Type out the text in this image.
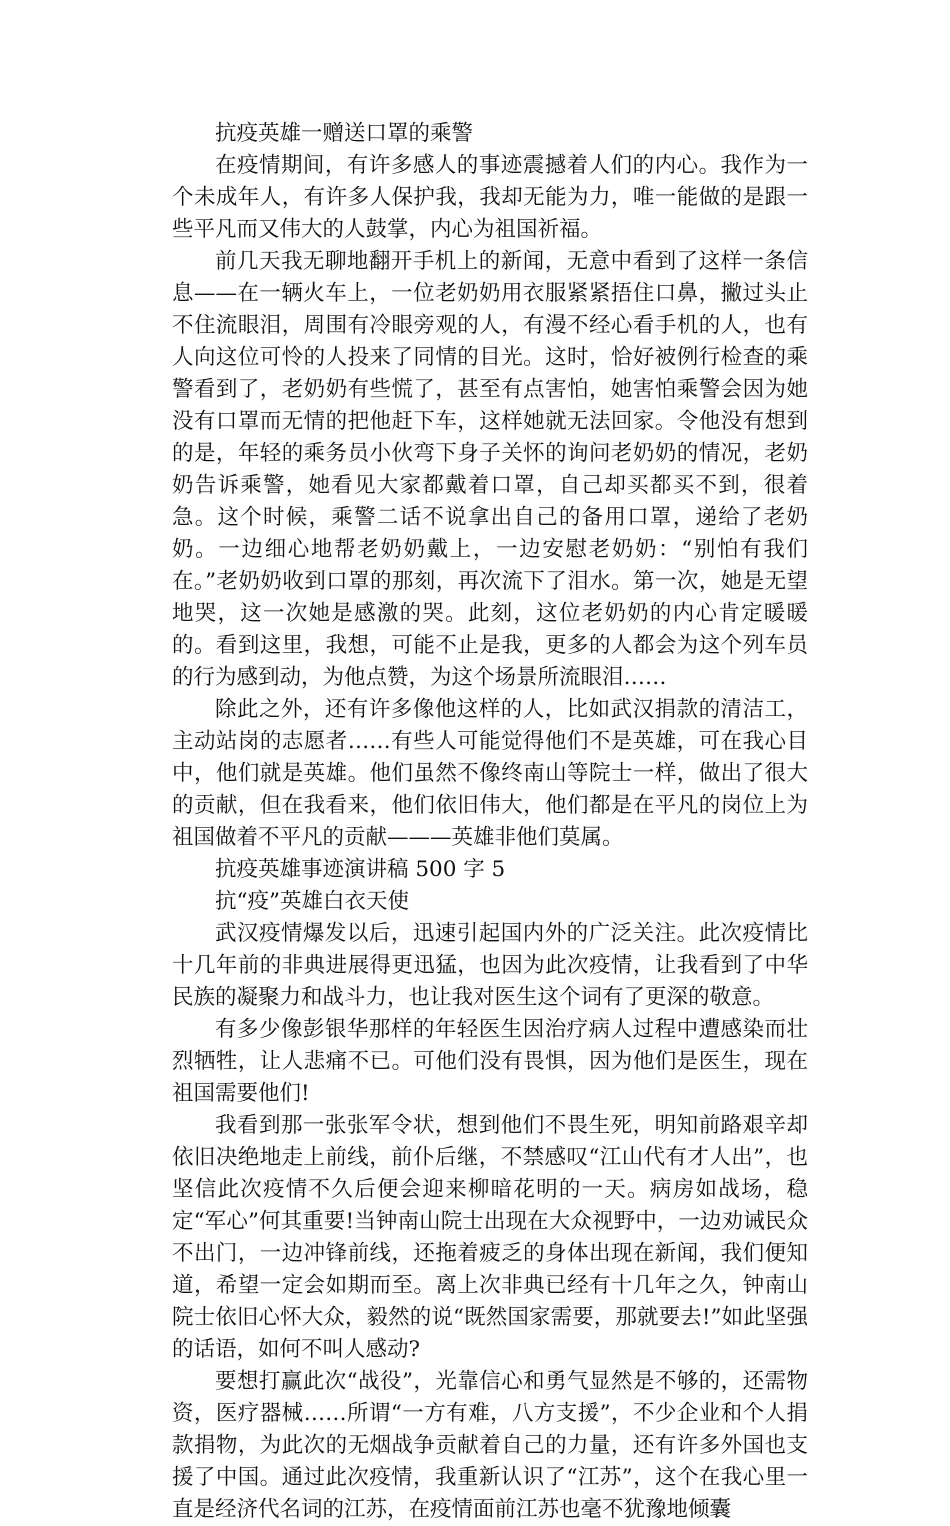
抗疫英雄一赠送口罩的乘警

在疫情期间，有许多感人的事迹震撼着人们的内心。我作为一个未成年人，有许多人保护我，我却无能为力，唯一能做的是跟一些平凡而又伟大的人鼓掌，内心为祖国祈福。

前几天我无聊地翻开手机上的新闻，无意中看到了这样一条信息——在一辆火车上，一位老奶奶用衣服紧紧捂住口鼻，撇过头止不住流眼泪，周围有冷眼旁观的人，有漫不经心看手机的人，也有人向这位可怜的人投来了同情的目光。这时，恰好被例行检查的乘警看到了，老奶奶有些慌了，甚至有点害怕，她害怕乘警会因为她没有口罩而无情的把他赶下车，这样她就无法回家。令他没有想到的是，年轻的乘务员小伙弯下身子关怀的询问老奶奶的情况，老奶奶告诉乘警，她看见大家都戴着口罩，自己却买都买不到，很着急。这个时候，乘警二话不说拿出自己的备用口罩，递给了老奶奶。一边细心地帮老奶奶戴上，一边安慰老奶奶：“别怕有我们在。”老奶奶收到口罩的那刻，再次流下了泪水。第一次，她是无望地哭，这一次她是感激的哭。此刻，这位老奶奶的内心肯定暖暖的。看到这里，我想，可能不止是我，更多的人都会为这个列车员的行为感到动，为他点赞，为这个场景所流眼泪……

除此之外，还有许多像他这样的人，比如武汉捐款的清洁工，主动站岗的志愿者……有些人可能觉得他们不是英雄，可在我心目中，他们就是英雄。他们虽然不像终南山等院士一样，做出了很大的贡献，但在我看来，他们依旧伟大，他们都是在平凡的岗位上为祖国做着不平凡的贡献———英雄非他们莫属。

抗疫英雄事迹演讲稿 500 字 5

抗“疫”英雄白衣天使

武汉疫情爆发以后，迅速引起国内外的广泛关注。此次疫情比十几年前的非典进展得更迅猛，也因为此次疫情，让我看到了中华民族的凝聚力和战斗力，也让我对医生这个词有了更深的敬意。

有多少像彭银华那样的年轻医生因治疗病人过程中遭感染而壮烈牺牲，让人悲痛不已。可他们没有畏惧，因为他们是医生，现在祖国需要他们!

我看到那一张张军令状，想到他们不畏生死，明知前路艰辛却依旧决绝地走上前线，前仆后继，不禁感叹“江山代有才人出”，也坚信此次疫情不久后便会迎来柳暗花明的一天。病房如战场，稳定“军心”何其重要!当钟南山院士出现在大众视野中，一边劝诫民众不出门，一边冲锋前线，还拖着疲乏的身体出现在新闻，我们便知道，希望一定会如期而至。离上次非典已经有十几年之久，钟南山院士依旧心怀大众，毅然的说“既然国家需要，那就要去!”如此坚强的话语，如何不叫人感动?

要想打赢此次“战役”，光靠信心和勇气显然是不够的，还需物资，医疗器械……所谓“一方有难，八方支援”，不少企业和个人捐款捐物，为此次的无烟战争贡献着自己的力量，还有许多外国也支援了中国。通过此次疫情，我重新认识了“江苏”，这个在我心里一直是经济代名词的江苏，在疫情面前江苏也毫不犹豫地倾囊
